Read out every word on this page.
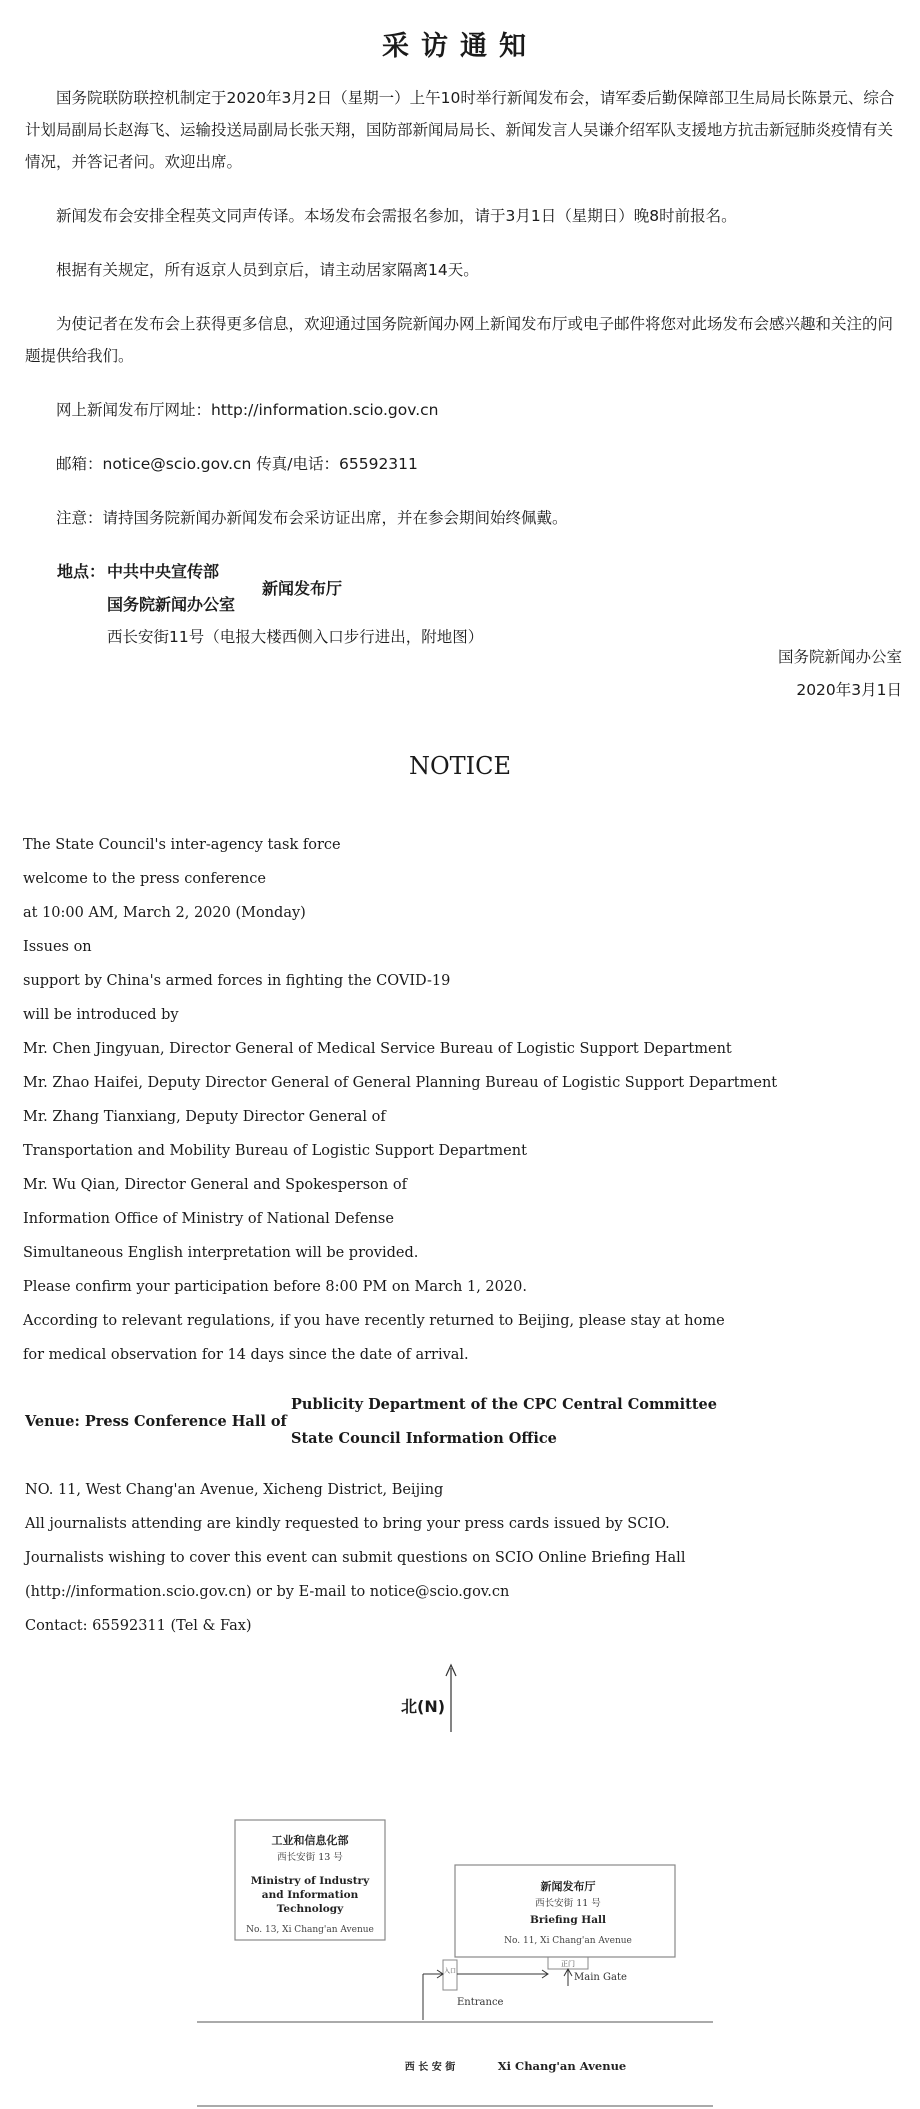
采访通知

国务院联防联控机制定于2020年3月2日（星期一）上午10时举行新闻发布会，请军委后勤保障部卫生局局长陈景元、综合计划局副局长赵海飞、运输投送局副局长张天翔，国防部新闻局局长、新闻发言人吴谦介绍军队支援地方抗击新冠肺炎疫情有关情况，并答记者问。欢迎出席。

新闻发布会安排全程英文同声传译。本场发布会需报名参加，请于3月1日（星期日）晚8时前报名。

根据有关规定，所有返京人员到京后，请主动居家隔离14天。

为使记者在发布会上获得更多信息，欢迎通过国务院新闻办网上新闻发布厅或电子邮件将您对此场发布会感兴趣和关注的问题提供给我们。

网上新闻发布厅网址：http://information.scio.gov.cn

邮箱：notice@scio.gov.cn 传真/电话：65592311

注意：请持国务院新闻办新闻发布会采访证出席，并在参会期间始终佩戴。

地点： 中共中央宣传部
国务院新闻办公室
新闻发布厅
西长安街11号（电报大楼西侧入口步行进出，附地图）
国务院新闻办公室
2020年3月1日
NOTICE
The State Council's inter-agency task force
welcome to the press conference
at 10:00 AM, March 2, 2020 (Monday)
Issues on
support by China's armed forces in fighting the COVID-19
will be introduced by
Mr. Chen Jingyuan, Director General of Medical Service Bureau of Logistic Support Department
Mr. Zhao Haifei, Deputy Director General of General Planning Bureau of Logistic Support Department
Mr. Zhang Tianxiang, Deputy Director General of
Transportation and Mobility Bureau of Logistic Support Department
Mr. Wu Qian, Director General and Spokesperson of
Information Office of Ministry of National Defense
Simultaneous English interpretation will be provided.
Please confirm your participation before 8:00 PM on March 1, 2020.
According to relevant regulations, if you have recently returned to Beijing, please stay at home
for medical observation for 14 days since the date of arrival.
Venue: Press Conference Hall of
Publicity Department of the CPC Central Committee
State Council Information Office
NO. 11, West Chang'an Avenue, Xicheng District, Beijing
All journalists attending are kindly requested to bring your press cards issued by SCIO.
Journalists wishing to cover this event can submit questions on SCIO Online Briefing Hall
(http://information.scio.gov.cn) or by E-mail to notice@scio.gov.cn
Contact: 65592311 (Tel & Fax)
北(N)
工业和信息化部
西长安街 13 号
Ministry of Industry
and Information
Technology
No. 13, Xi Chang'an Avenue
新闻发布厅
西长安街 11 号
Briefing Hall
No. 11, Xi Chang'an Avenue
正门
Main Gate
入口
Entrance
西 长 安 街	Xi Chang'an Avenue
